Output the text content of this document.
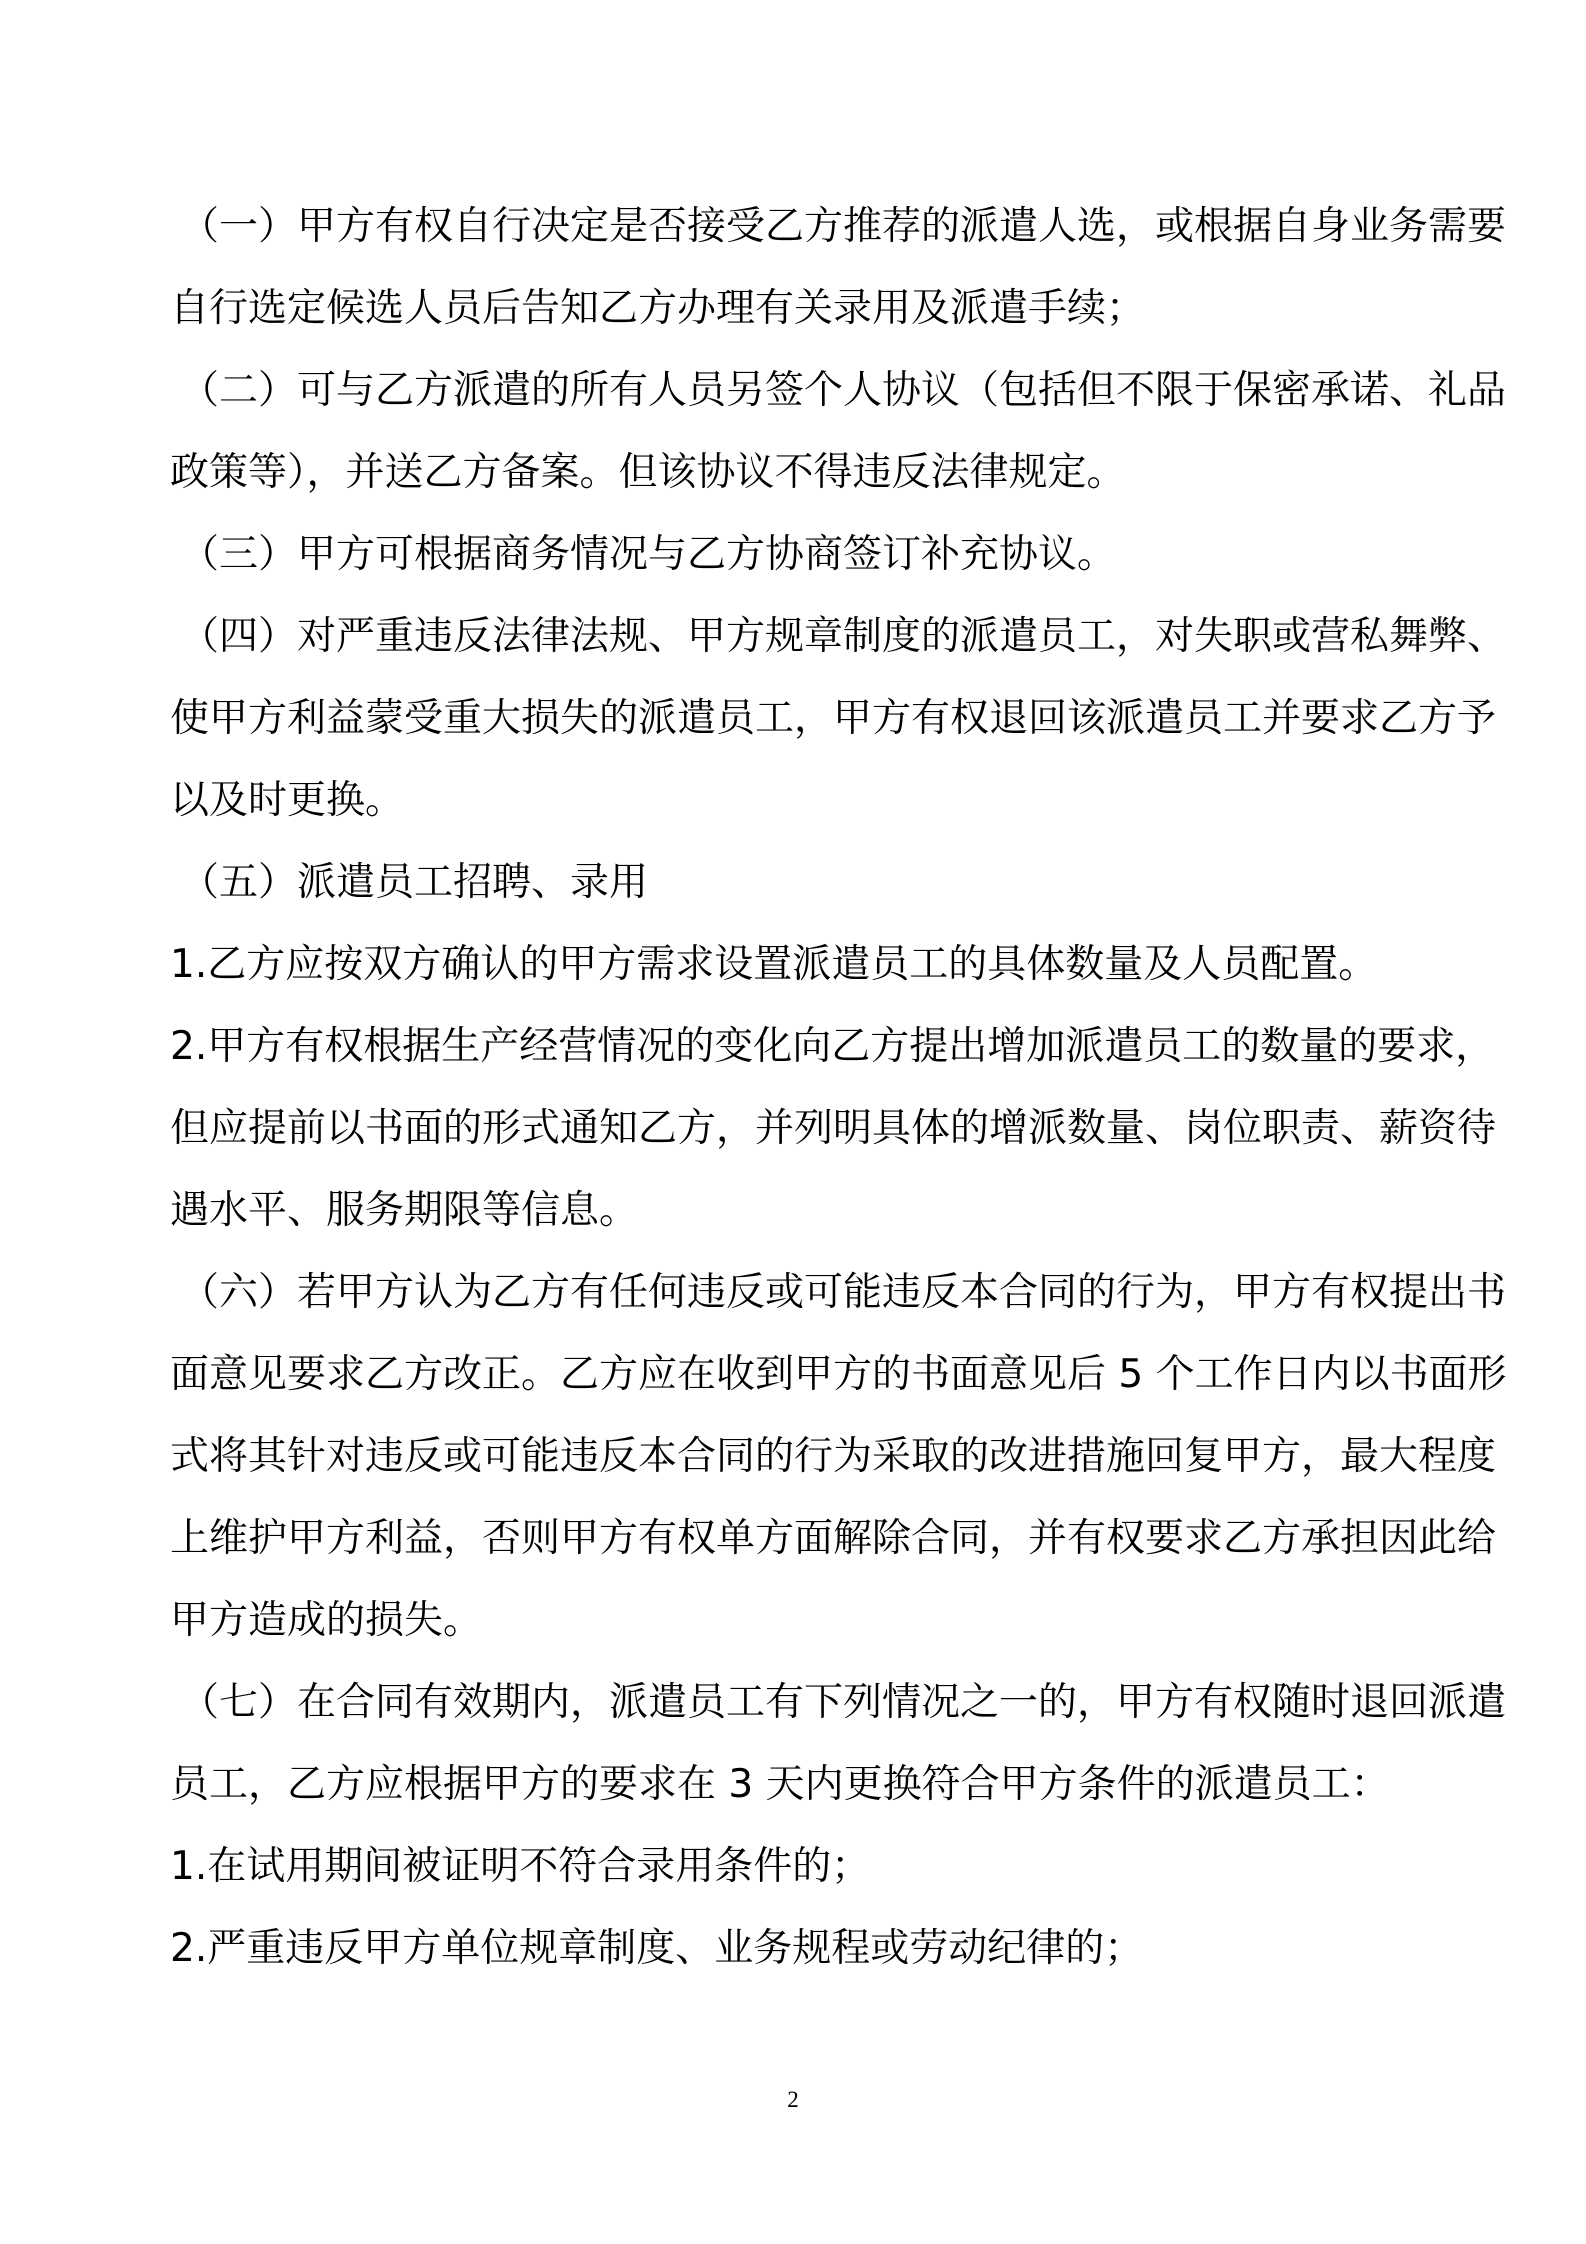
（一）甲方有权自行决定是否接受乙方推荐的派遣人选，或根据自身业务需要
自行选定候选人员后告知乙方办理有关录用及派遣手续；
（二）可与乙方派遣的所有人员另签个人协议（包括但不限于保密承诺、礼品
政策等），并送乙方备案。但该协议不得违反法律规定。
（三）甲方可根据商务情况与乙方协商签订补充协议。
（四）对严重违反法律法规、甲方规章制度的派遣员工，对失职或营私舞弊、
使甲方利益蒙受重大损失的派遣员工，甲方有权退回该派遣员工并要求乙方予
以及时更换。
（五）派遣员工招聘、录用
1.乙方应按双方确认的甲方需求设置派遣员工的具体数量及人员配置。
2.甲方有权根据生产经营情况的变化向乙方提出增加派遣员工的数量的要求，
但应提前以书面的形式通知乙方，并列明具体的增派数量、岗位职责、薪资待
遇水平、服务期限等信息。
（六）若甲方认为乙方有任何违反或可能违反本合同的行为，甲方有权提出书
面意见要求乙方改正。乙方应在收到甲方的书面意见后 5 个工作日内以书面形
式将其针对违反或可能违反本合同的行为采取的改进措施回复甲方，最大程度
上维护甲方利益，否则甲方有权单方面解除合同，并有权要求乙方承担因此给
甲方造成的损失。
（七）在合同有效期内，派遣员工有下列情况之一的，甲方有权随时退回派遣
员工，乙方应根据甲方的要求在 3 天内更换符合甲方条件的派遣员工：
1.在试用期间被证明不符合录用条件的；
2.严重违反甲方单位规章制度、业务规程或劳动纪律的；
2
